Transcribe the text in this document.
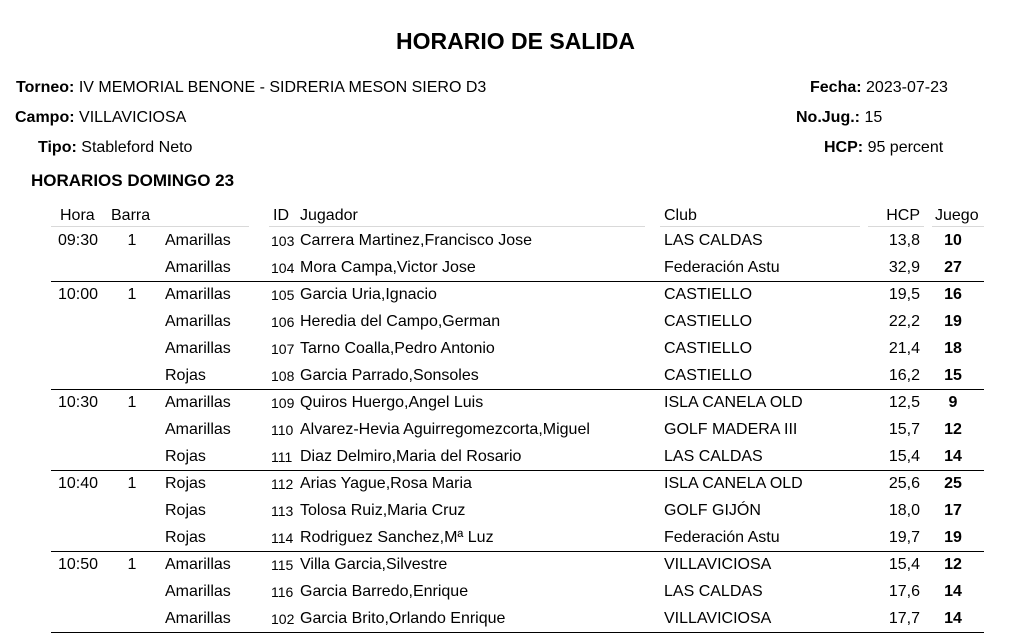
HORARIO DE SALIDA
Torneo: IV MEMORIAL BENONE - SIDRERIA MESON SIERO D3
Campo: VILLAVICIOSA
Tipo: Stableford Neto
Fecha: 2023-07-23
No.Jug.: 15
HCP: 95 percent
HORARIOS DOMINGO 23
Hora Barra	ID Jugador	Club	HCP Juego
09:30 1 Amarillas	103 Carrera Martinez,Francisco Jose	LAS CALDAS	13,8	10
Amarillas	104 Mora Campa,Victor Jose	Federación Astu	32,9	27
10:00 1 Amarillas	105 Garcia Uria,Ignacio	CASTIELLO	19,5	16
Amarillas	106 Heredia del Campo,German	CASTIELLO	22,2	19
Amarillas	107 Tarno Coalla,Pedro Antonio	CASTIELLO	21,4	18
Rojas	108 Garcia Parrado,Sonsoles	CASTIELLO	16,2	15
10:30 1 Amarillas	109 Quiros Huergo,Angel Luis	ISLA CANELA OLD	12,5	9
Amarillas	110 Alvarez-Hevia Aguirregomezcorta,Miguel	GOLF MADERA III	15,7	12
Rojas	111 Diaz Delmiro,Maria del Rosario	LAS CALDAS	15,4	14
10:40 1 Rojas	112 Arias Yague,Rosa Maria	ISLA CANELA OLD	25,6	25
Rojas	113 Tolosa Ruiz,Maria Cruz	GOLF GIJÓN	18,0	17
Rojas	114 Rodriguez Sanchez,Mª Luz	Federación Astu	19,7	19
10:50 1 Amarillas	115 Villa Garcia,Silvestre	VILLAVICIOSA	15,4	12
Amarillas	116 Garcia Barredo,Enrique	LAS CALDAS	17,6	14
Amarillas	102 Garcia Brito,Orlando Enrique	VILLAVICIOSA	17,7	14
